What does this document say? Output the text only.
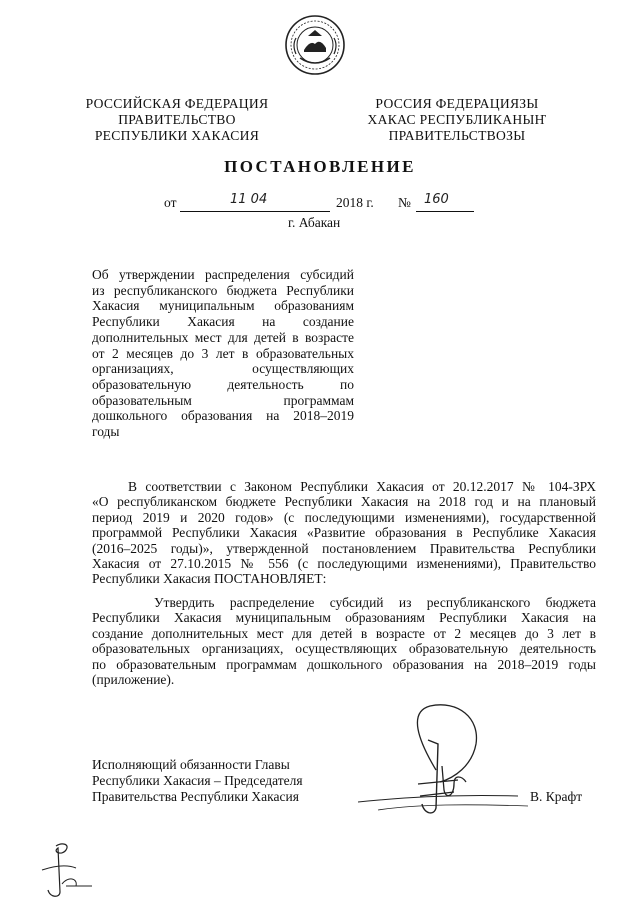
РОССИЙСКАЯ ФЕДЕРАЦИЯ
ПРАВИТЕЛЬСТВО
РЕСПУБЛИКИ ХАКАСИЯ
РОССИЯ ФЕДЕРАЦИЯЗЫ
ХАКАС РЕСПУБЛИКАНЫҤ
ПРАВИТЕЛЬСТВОЗЫ
ПОСТАНОВЛЕНИЕ
от	11 04	2018 г. № 160
г. Абакан
Об утверждении распределения субсидий
из республиканского бюджета Республики
Хакасия муниципальным образованиям
Республики Хакасия на создание
дополнительных мест для детей в возрасте
от 2 месяцев до 3 лет в образовательных
организациях, осуществляющих
образовательную деятельность по
образовательным программам
дошкольного образования на 2018–2019
годы
В соответствии с Законом Республики Хакасия от 20.12.2017 № 104-ЗРХ
«О республиканском бюджете Республики Хакасия на 2018 год и на плановый
период 2019 и 2020 годов» (с последующими изменениями), государственной
программой Республики Хакасия «Развитие образования в Республике Хакасия
(2016–2025 годы)», утвержденной постановлением Правительства Республики
Хакасия от 27.10.2015 № 556 (с последующими изменениями), Правительство
Республики Хакасия ПОСТАНОВЛЯЕТ:
Утвердить распределение субсидий из республиканского бюджета
Республики Хакасия муниципальным образованиям Республики Хакасия на
создание дополнительных мест для детей в возрасте от 2 месяцев до 3 лет в
образовательных организациях, осуществляющих образовательную деятельность
по образовательным программам дошкольного образования на 2018–2019 годы
(приложение).
Исполняющий обязанности Главы
Республики Хакасия – Председателя
Правительства Республики Хакасия	В. Крафт
